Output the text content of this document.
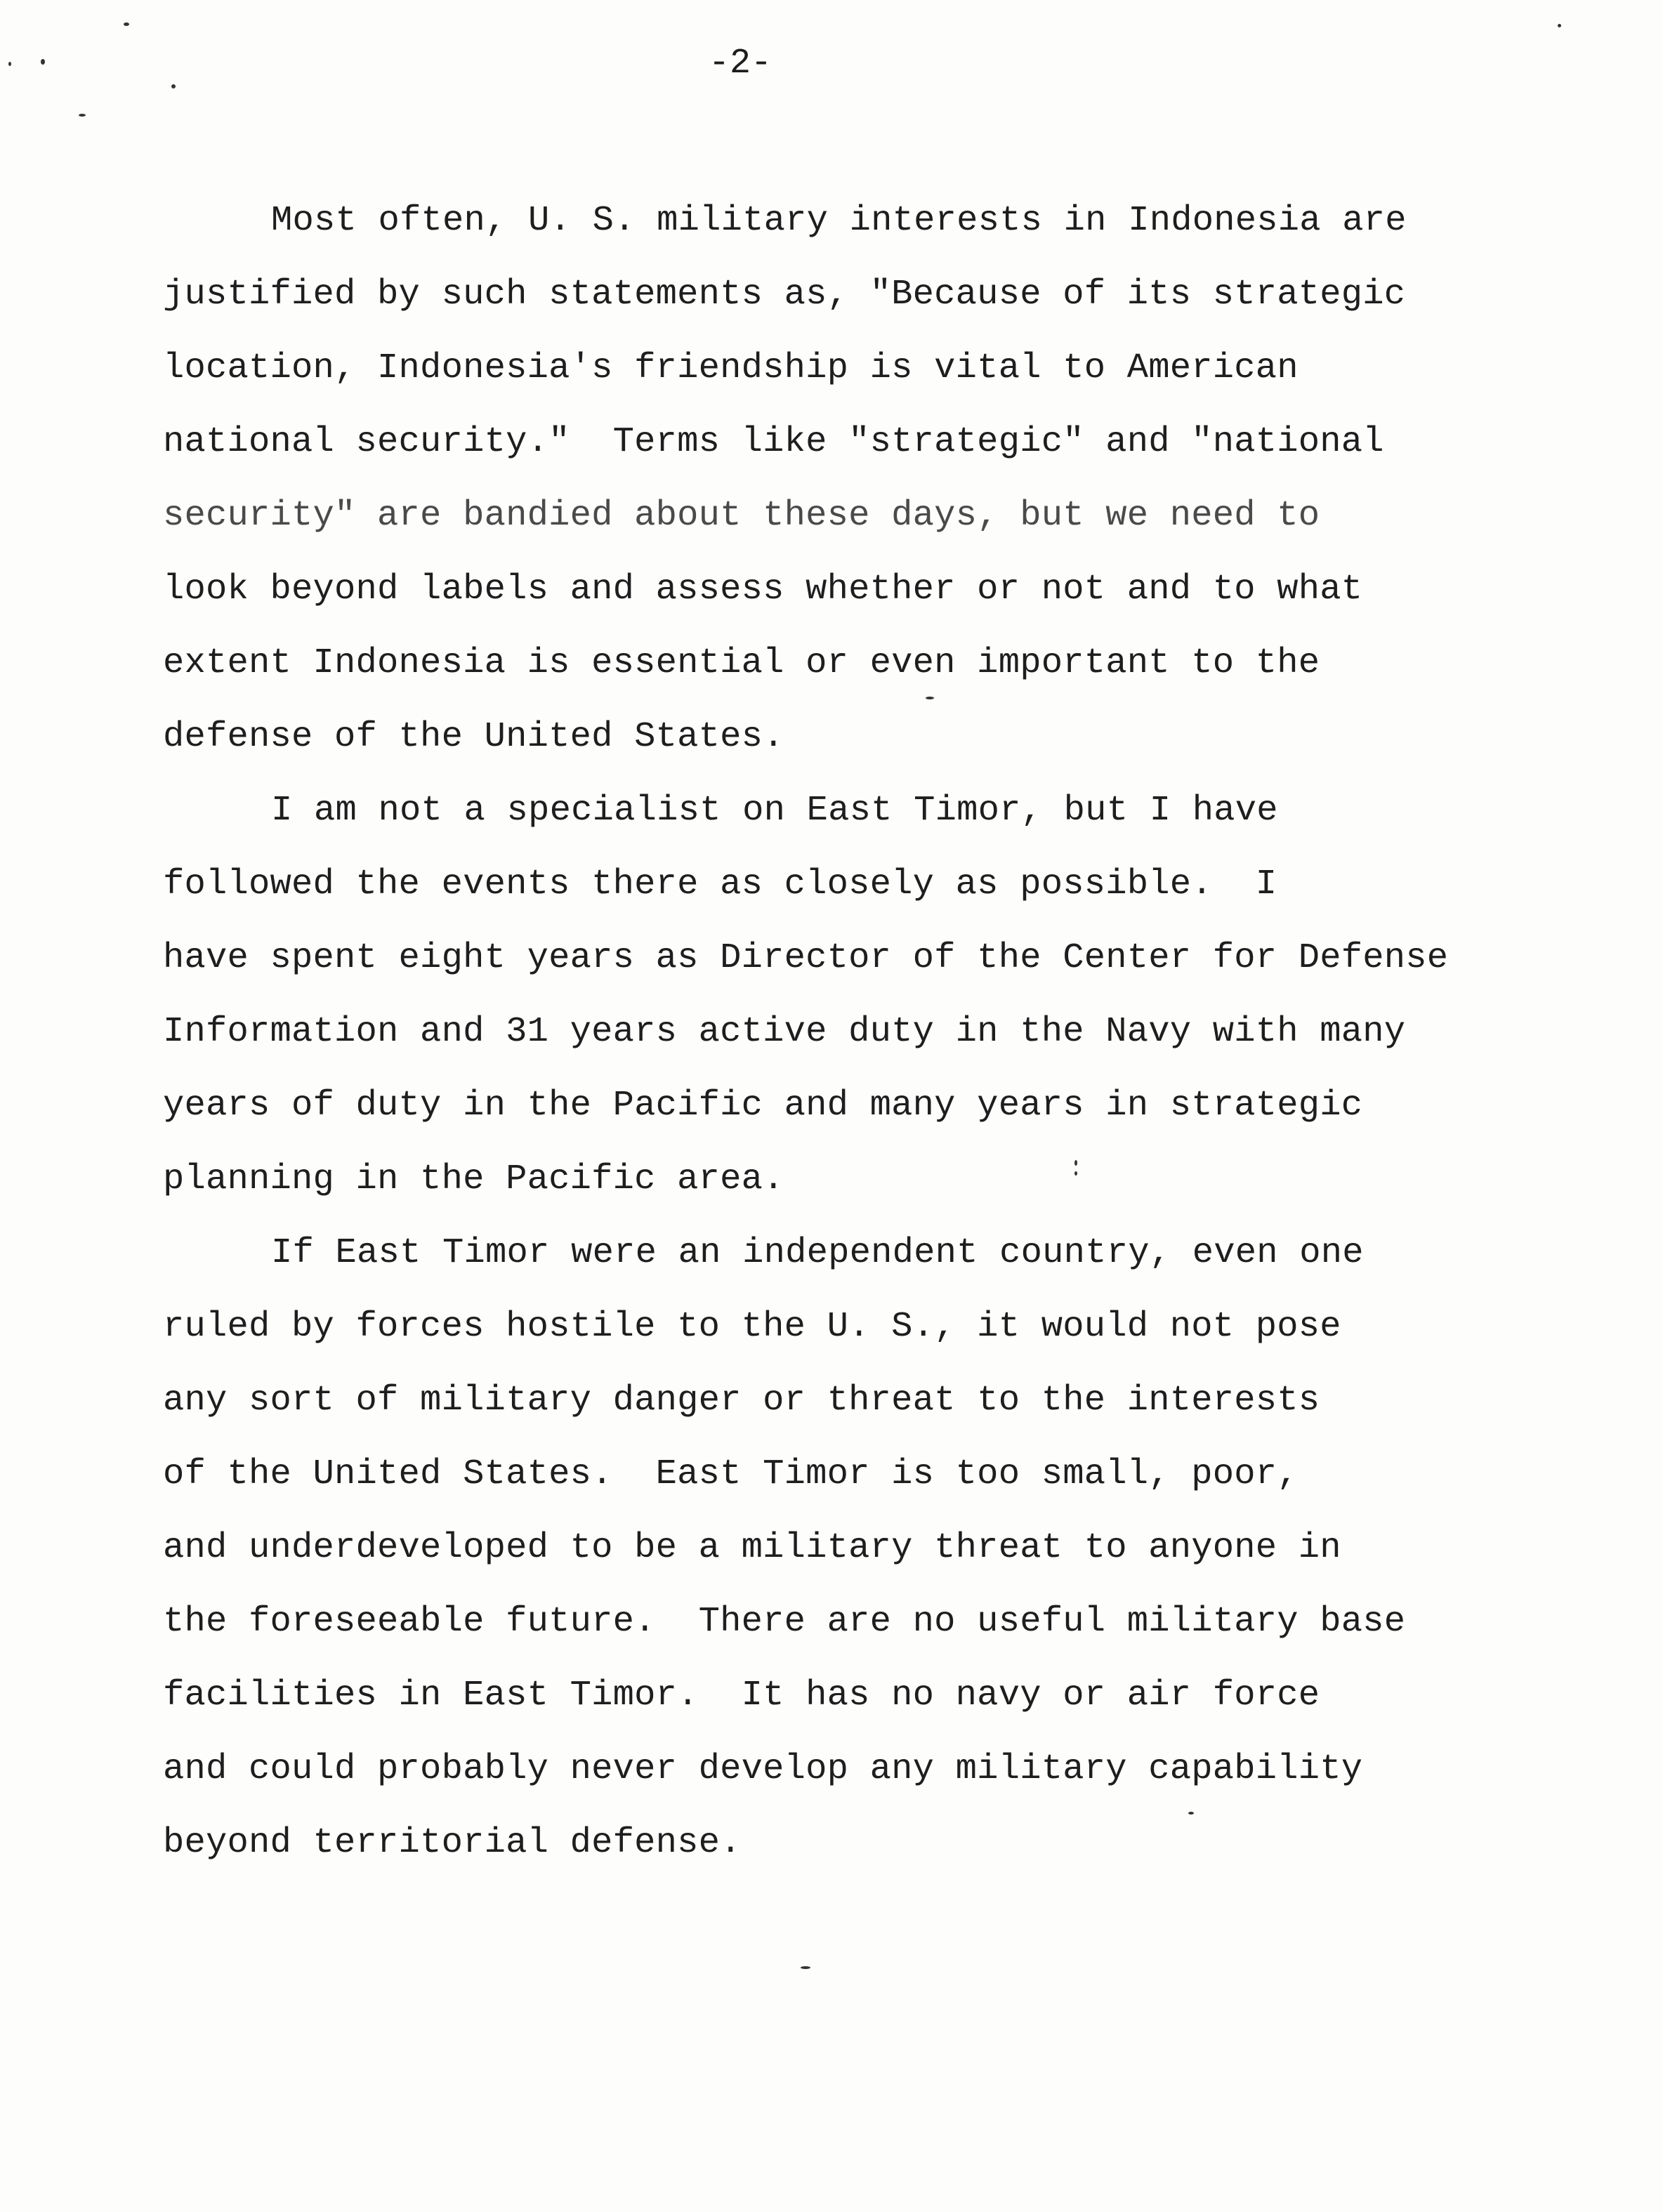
-2-
Most often, U. S. military interests in Indonesia are
justified by such statements as, "Because of its strategic
location, Indonesia's friendship is vital to American
national security."  Terms like "strategic" and "national
security" are bandied about these days, but we need to
look beyond labels and assess whether or not and to what
extent Indonesia is essential or even important to the
defense of the United States.
I am not a specialist on East Timor, but I have
followed the events there as closely as possible.  I
have spent eight years as Director of the Center for Defense
Information and 31 years active duty in the Navy with many
years of duty in the Pacific and many years in strategic
planning in the Pacific area.
If East Timor were an independent country, even one
ruled by forces hostile to the U. S., it would not pose
any sort of military danger or threat to the interests
of the United States.  East Timor is too small, poor,
and underdeveloped to be a military threat to anyone in
the foreseeable future.  There are no useful military base
facilities in East Timor.  It has no navy or air force
and could probably never develop any military capability
beyond territorial defense.
